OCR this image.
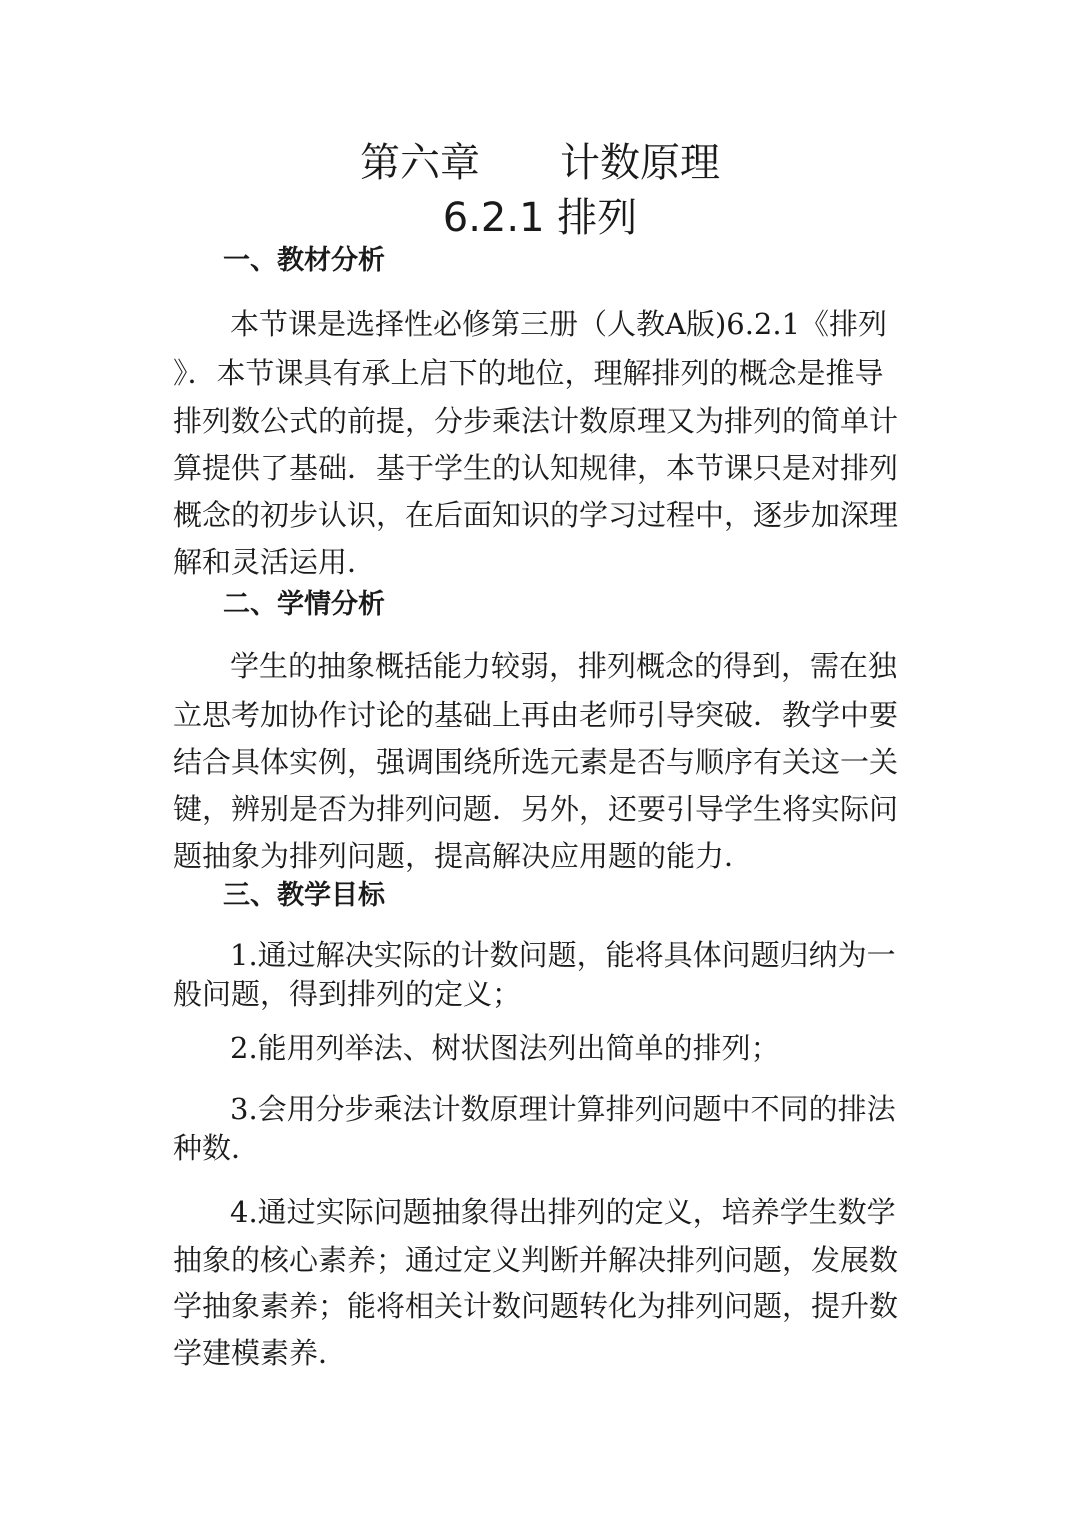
第六章　　计数原理
6.2.1 排列
一、教材分析
本节课是选择性必修第三册（人教A版)6.2.1《排列
》．本节课具有承上启下的地位，理解排列的概念是推导
排列数公式的前提，分步乘法计数原理又为排列的简单计
算提供了基础．基于学生的认知规律，本节课只是对排列
概念的初步认识，在后面知识的学习过程中，逐步加深理
解和灵活运用．
二、学情分析
学生的抽象概括能力较弱，排列概念的得到，需在独
立思考加协作讨论的基础上再由老师引导突破．教学中要
结合具体实例，强调围绕所选元素是否与顺序有关这一关
键，辨别是否为排列问题．另外，还要引导学生将实际问
题抽象为排列问题，提高解决应用题的能力．
三、教学目标
1.通过解决实际的计数问题，能将具体问题归纳为一
般问题，得到排列的定义；
2.能用列举法、树状图法列出简单的排列；
3.会用分步乘法计数原理计算排列问题中不同的排法
种数．
4.通过实际问题抽象得出排列的定义，培养学生数学
抽象的核心素养；通过定义判断并解决排列问题，发展数
学抽象素养；能将相关计数问题转化为排列问题，提升数
学建模素养．
